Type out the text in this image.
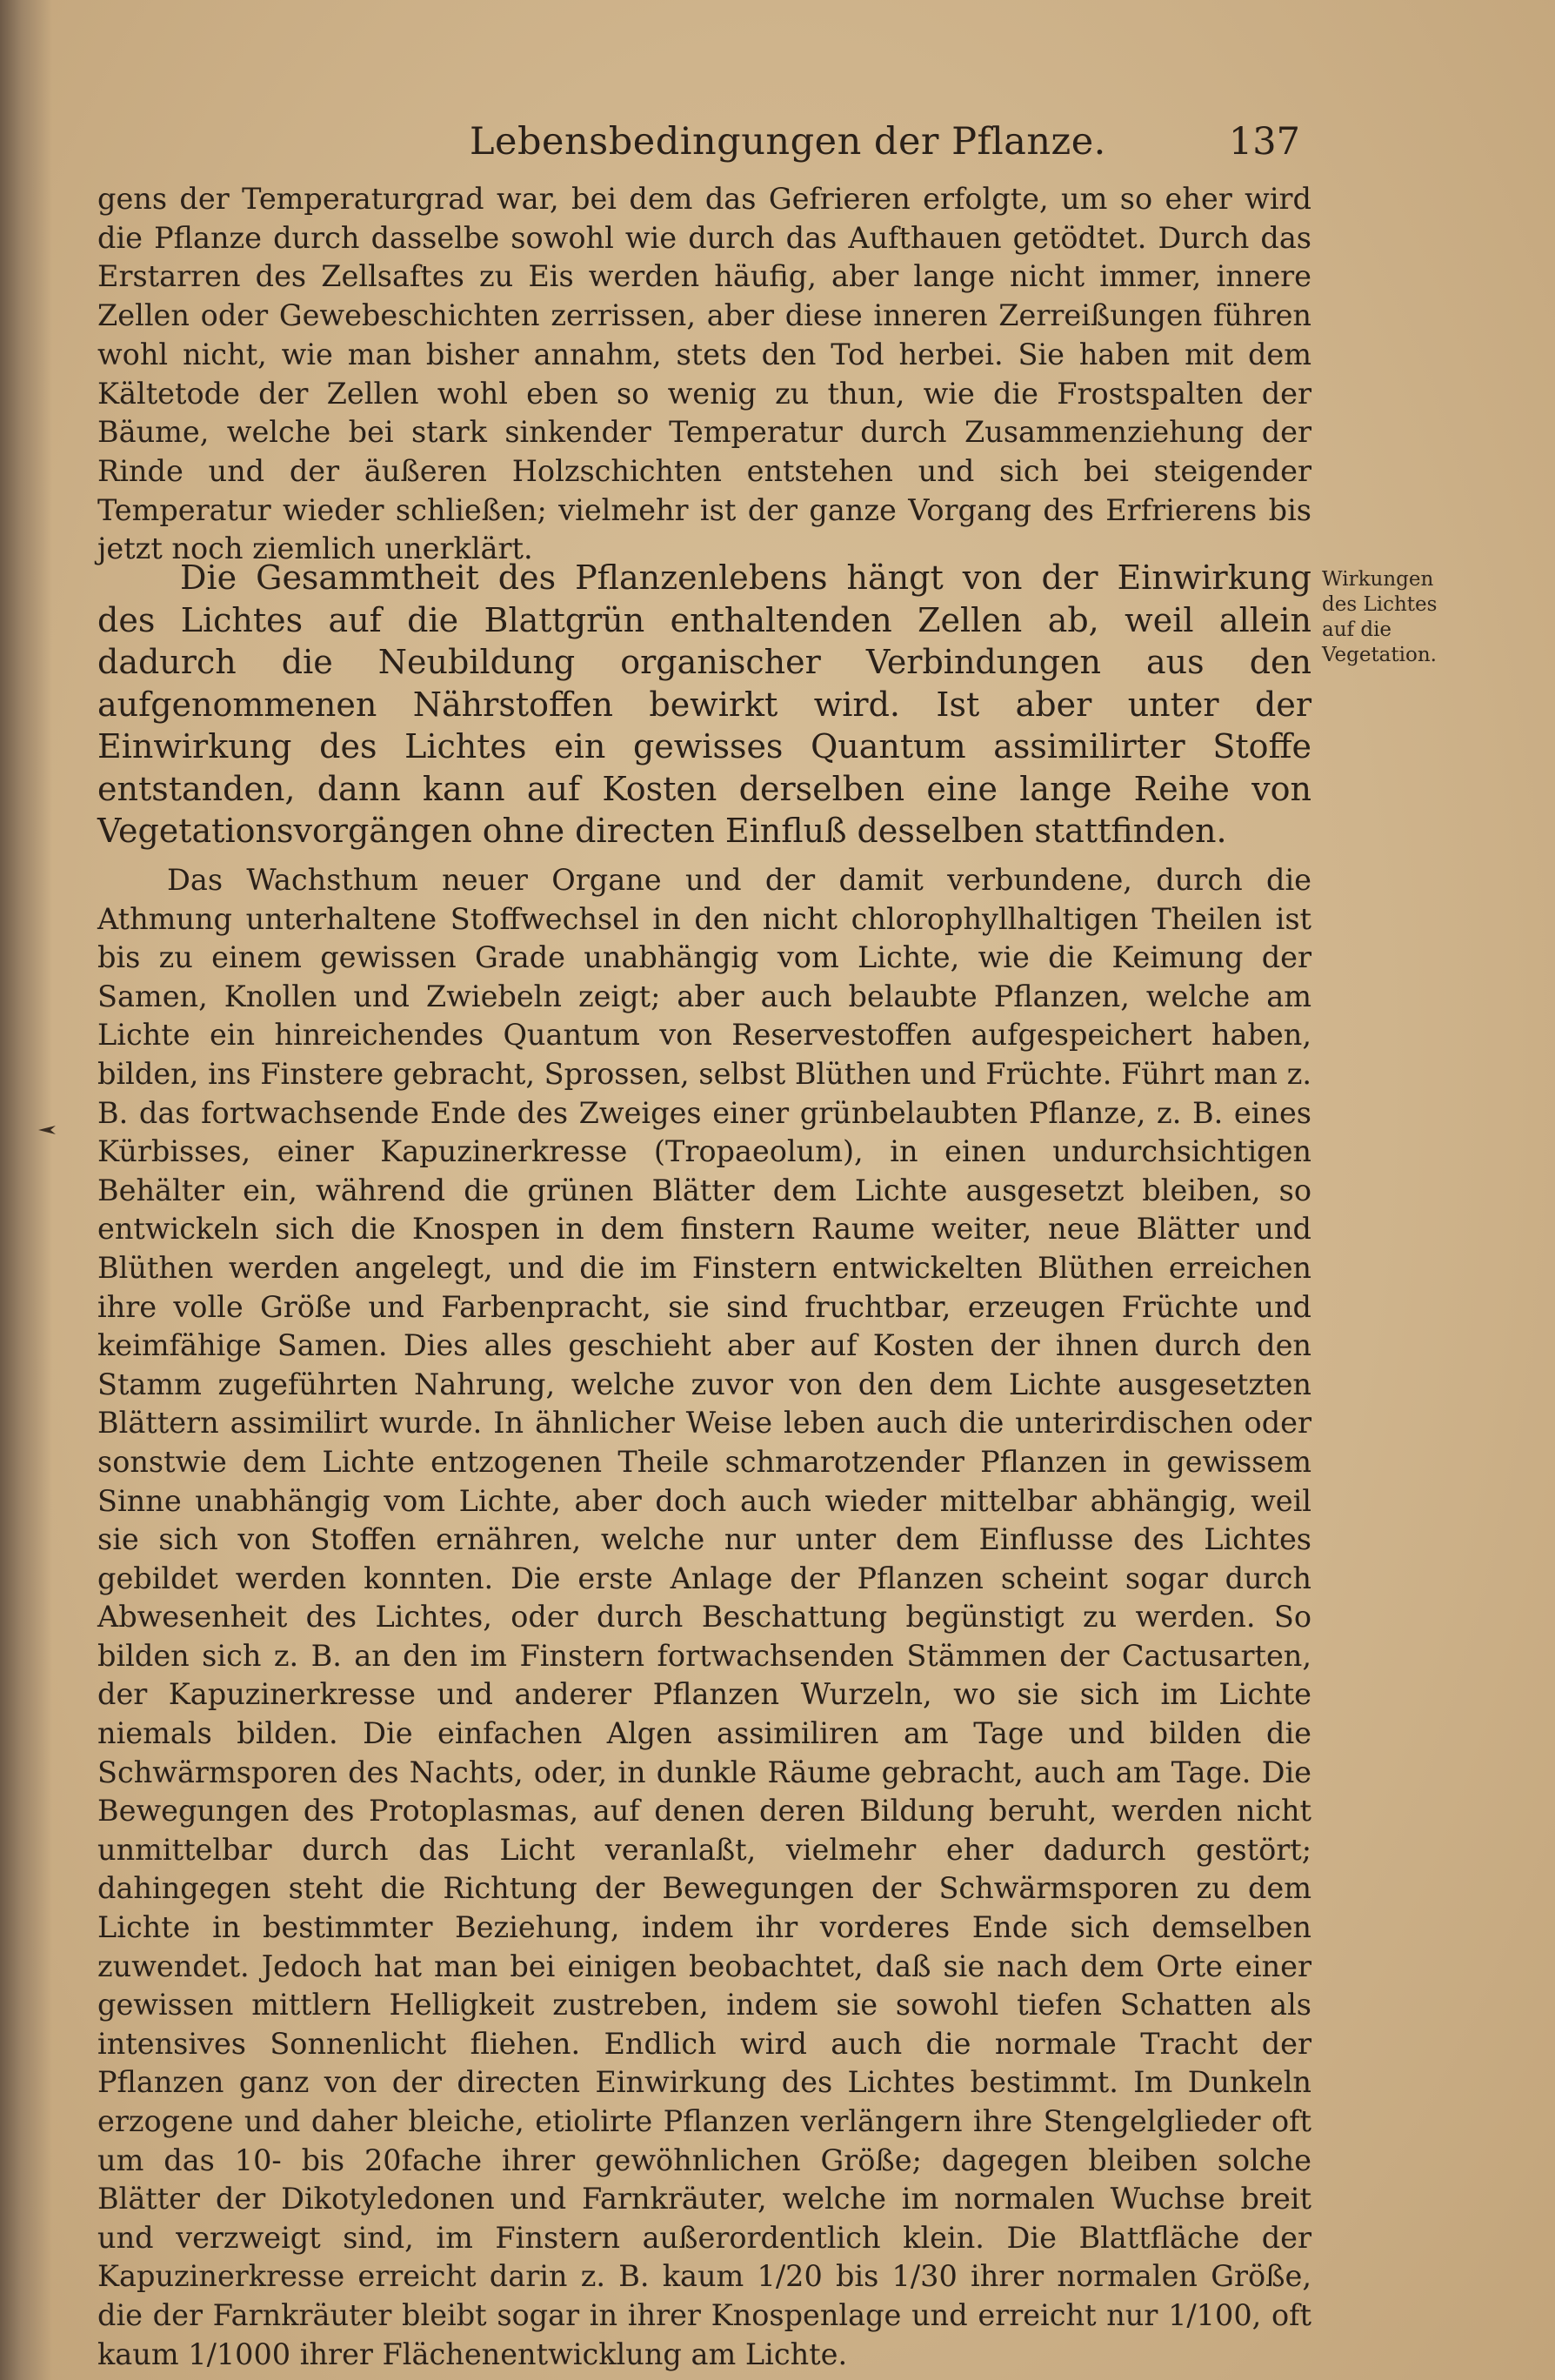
Lebensbedingungen der Pflanze.	137

gens der Temperaturgrad war, bei dem das Gefrieren erfolgte, um so eher wird die Pflanze durch dasselbe sowohl wie durch das Aufthauen getödtet. Durch das Erstarren des Zellsaftes zu Eis werden häufig, aber lange nicht immer, innere Zellen oder Gewebeschichten zerrissen, aber diese inneren Zerreißungen führen wohl nicht, wie man bisher annahm, stets den Tod herbei. Sie haben mit dem Kältetode der Zellen wohl eben so wenig zu thun, wie die Frostspalten der Bäume, welche bei stark sinkender Temperatur durch Zusammenziehung der Rinde und der äußeren Holzschichten entstehen und sich bei steigender Temperatur wieder schließen; vielmehr ist der ganze Vorgang des Erfrierens bis jetzt noch ziemlich unerklärt.

Die Gesammtheit des Pflanzenlebens hängt von der Einwirkung des Lichtes auf die Blattgrün enthaltenden Zellen ab, weil allein dadurch die Neubildung organischer Verbindungen aus den aufgenommenen Nährstoffen bewirkt wird. Ist aber unter der Einwirkung des Lichtes ein gewisses Quantum assimilirter Stoffe entstanden, dann kann auf Kosten derselben eine lange Reihe von Vegetationsvorgängen ohne directen Einfluß desselben stattfinden.

Wirkungen
des Lichtes
auf die
Vegetation.

Das Wachsthum neuer Organe und der damit verbundene, durch die Athmung unterhaltene Stoffwechsel in den nicht chlorophyllhaltigen Theilen ist bis zu einem gewissen Grade unabhängig vom Lichte, wie die Keimung der Samen, Knollen und Zwiebeln zeigt; aber auch belaubte Pflanzen, welche am Lichte ein hinreichendes Quantum von Reservestoffen aufgespeichert haben, bilden, ins Finstere gebracht, Sprossen, selbst Blüthen und Früchte. Führt man z. B. das fortwachsende Ende des Zweiges einer grünbelaubten Pflanze, z. B. eines Kürbisses, einer Kapuzinerkresse (Tropaeolum), in einen undurchsichtigen Behälter ein, während die grünen Blätter dem Lichte ausgesetzt bleiben, so entwickeln sich die Knospen in dem finstern Raume weiter, neue Blätter und Blüthen werden angelegt, und die im Finstern entwickelten Blüthen erreichen ihre volle Größe und Farbenpracht, sie sind fruchtbar, erzeugen Früchte und keimfähige Samen. Dies alles geschieht aber auf Kosten der ihnen durch den Stamm zugeführten Nahrung, welche zuvor von den dem Lichte ausgesetzten Blättern assimilirt wurde. In ähnlicher Weise leben auch die unterirdischen oder sonstwie dem Lichte entzogenen Theile schmarotzender Pflanzen in gewissem Sinne unabhängig vom Lichte, aber doch auch wieder mittelbar abhängig, weil sie sich von Stoffen ernähren, welche nur unter dem Einflusse des Lichtes gebildet werden konnten. Die erste Anlage der Pflanzen scheint sogar durch Abwesenheit des Lichtes, oder durch Beschattung begünstigt zu werden. So bilden sich z. B. an den im Finstern fortwachsenden Stämmen der Cactusarten, der Kapuzinerkresse und anderer Pflanzen Wurzeln, wo sie sich im Lichte niemals bilden. Die einfachen Algen assimiliren am Tage und bilden die Schwärmsporen des Nachts, oder, in dunkle Räume gebracht, auch am Tage. Die Bewegungen des Protoplasmas, auf denen deren Bildung beruht, werden nicht unmittelbar durch das Licht veranlaßt, vielmehr eher dadurch gestört; dahingegen steht die Richtung der Bewegungen der Schwärmsporen zu dem Lichte in bestimmter Beziehung, indem ihr vorderes Ende sich demselben zuwendet. Jedoch hat man bei einigen beobachtet, daß sie nach dem Orte einer gewissen mittlern Helligkeit zustreben, indem sie sowohl tiefen Schatten als intensives Sonnenlicht fliehen. Endlich wird auch die normale Tracht der Pflanzen ganz von der directen Einwirkung des Lichtes bestimmt. Im Dunkeln erzogene und daher bleiche, etiolirte Pflanzen verlängern ihre Stengelglieder oft um das 10- bis 20fache ihrer gewöhnlichen Größe; dagegen bleiben solche Blätter der Dikotyledonen und Farnkräuter, welche im normalen Wuchse breit und verzweigt sind, im Finstern außerordentlich klein. Die Blattfläche der Kapuzinerkresse erreicht darin z. B. kaum 1/20 bis 1/30 ihrer normalen Größe, die der Farnkräuter bleibt sogar in ihrer Knospenlage und erreicht nur 1/100, oft kaum 1/1000 ihrer Flächenentwicklung am Lichte.
